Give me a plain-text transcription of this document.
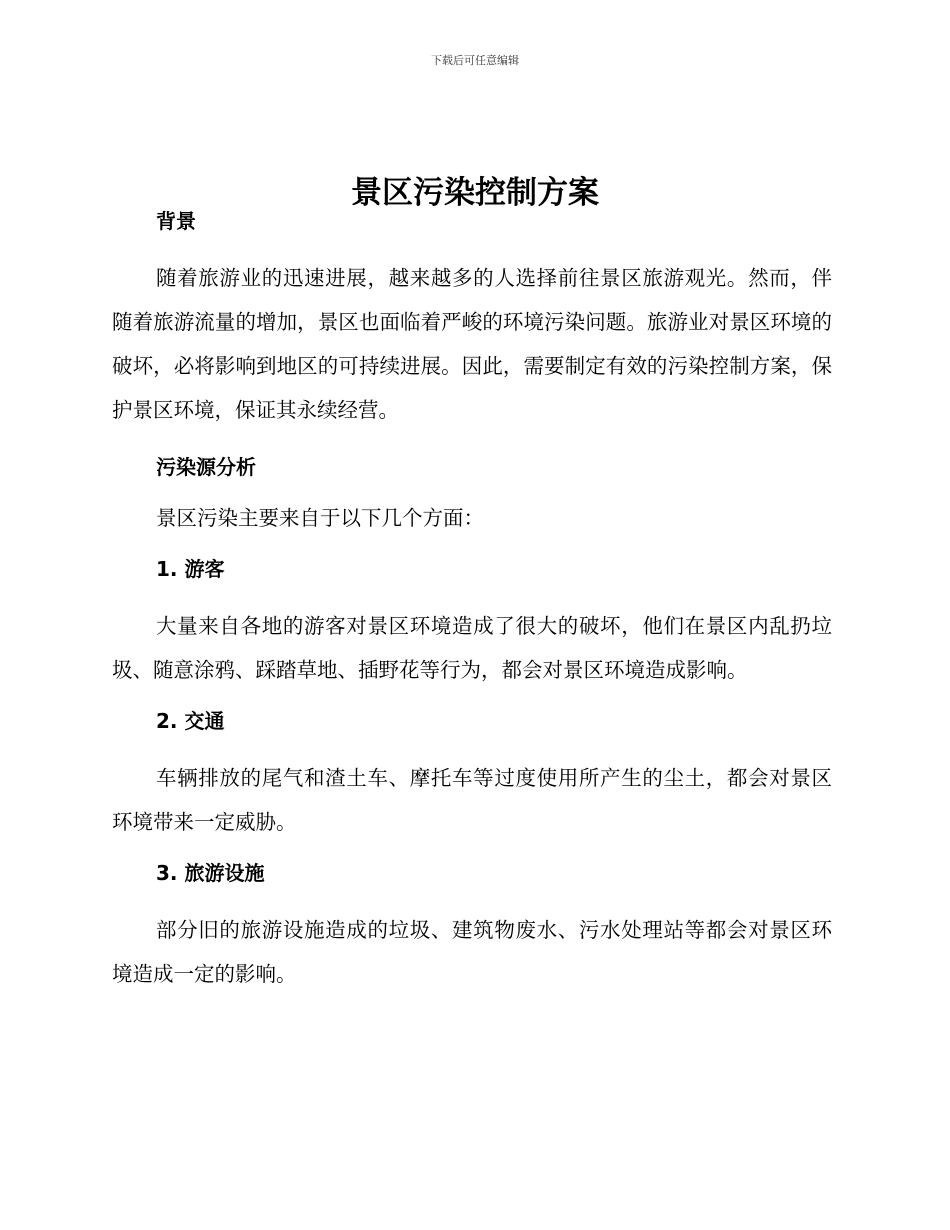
下载后可任意编辑
景区污染控制方案
背景

随着旅游业的迅速进展，越来越多的人选择前往景区旅游观光。然而，伴随着旅游流量的增加，景区也面临着严峻的环境污染问题。旅游业对景区环境的破坏，必将影响到地区的可持续进展。因此，需要制定有效的污染控制方案，保护景区环境，保证其永续经营。

污染源分析

景区污染主要来自于以下几个方面：

1. 游客

大量来自各地的游客对景区环境造成了很大的破坏，他们在景区内乱扔垃圾、随意涂鸦、踩踏草地、插野花等行为，都会对景区环境造成影响。

2. 交通

车辆排放的尾气和渣土车、摩托车等过度使用所产生的尘土，都会对景区环境带来一定威胁。

3. 旅游设施

部分旧的旅游设施造成的垃圾、建筑物废水、污水处理站等都会对景区环境造成一定的影响。
